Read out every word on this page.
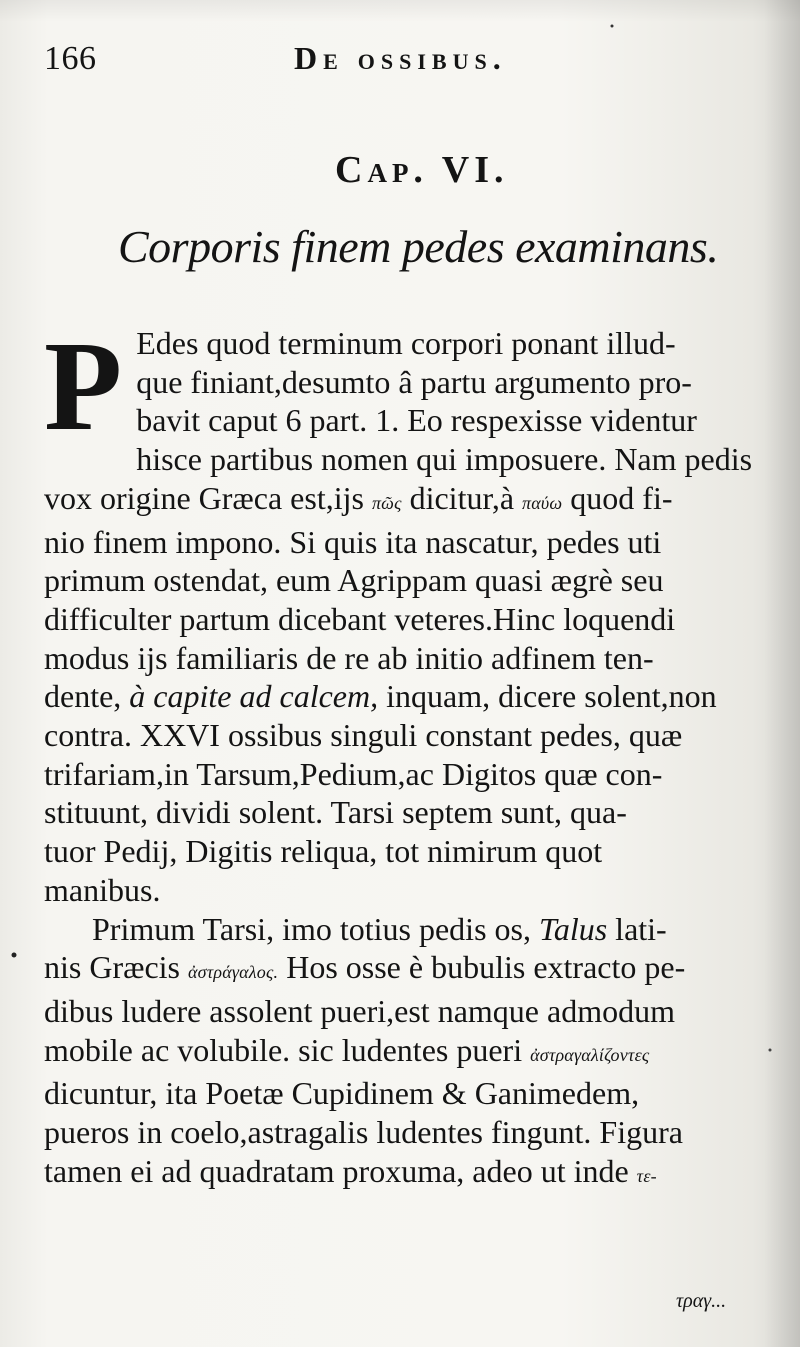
166	De ossibus.
Cap. VI.
Corporis finem pedes examinans.
P Edes quod terminum corpori ponant illud-
que finiant,desumto â partu argumento pro-
bavit caput 6 part. 1. Eo respexisse videntur
hisce partibus nomen qui imposuere. Nam pedis
vox origine Græca est,ijs πῶς dicitur,à παύω quod fi-
nio finem impono. Si quis ita nascatur, pedes uti
primum ostendat, eum Agrippam quasi ægrè seu
difficulter partum dicebant veteres.Hinc loquendi
modus ijs familiaris de re ab initio adfinem ten-
dente, à capite ad calcem, inquam, dicere solent,non
contra. XXVI ossibus singuli constant pedes, quæ
trifariam,in Tarsum,Pedium,ac Digitos quæ con-
stituunt, dividi solent. Tarsi septem sunt, qua-
tuor Pedij, Digitis reliqua, tot nimirum quot
manibus.
Primum Tarsi, imo totius pedis os, Talus lati-
nis Græcis ἀστράγαλος. Hos osse è bubulis extracto pe-
dibus ludere assolent pueri,est namque admodum
mobile ac volubile. sic ludentes pueri ἀστραγαλίζοντες
dicuntur, ita Poetæ Cupidinem & Ganimedem,
pueros in coelo,astragalis ludentes fingunt. Figura
tamen ei ad quadratam proxuma, adeo ut inde τε-
τραγ...
